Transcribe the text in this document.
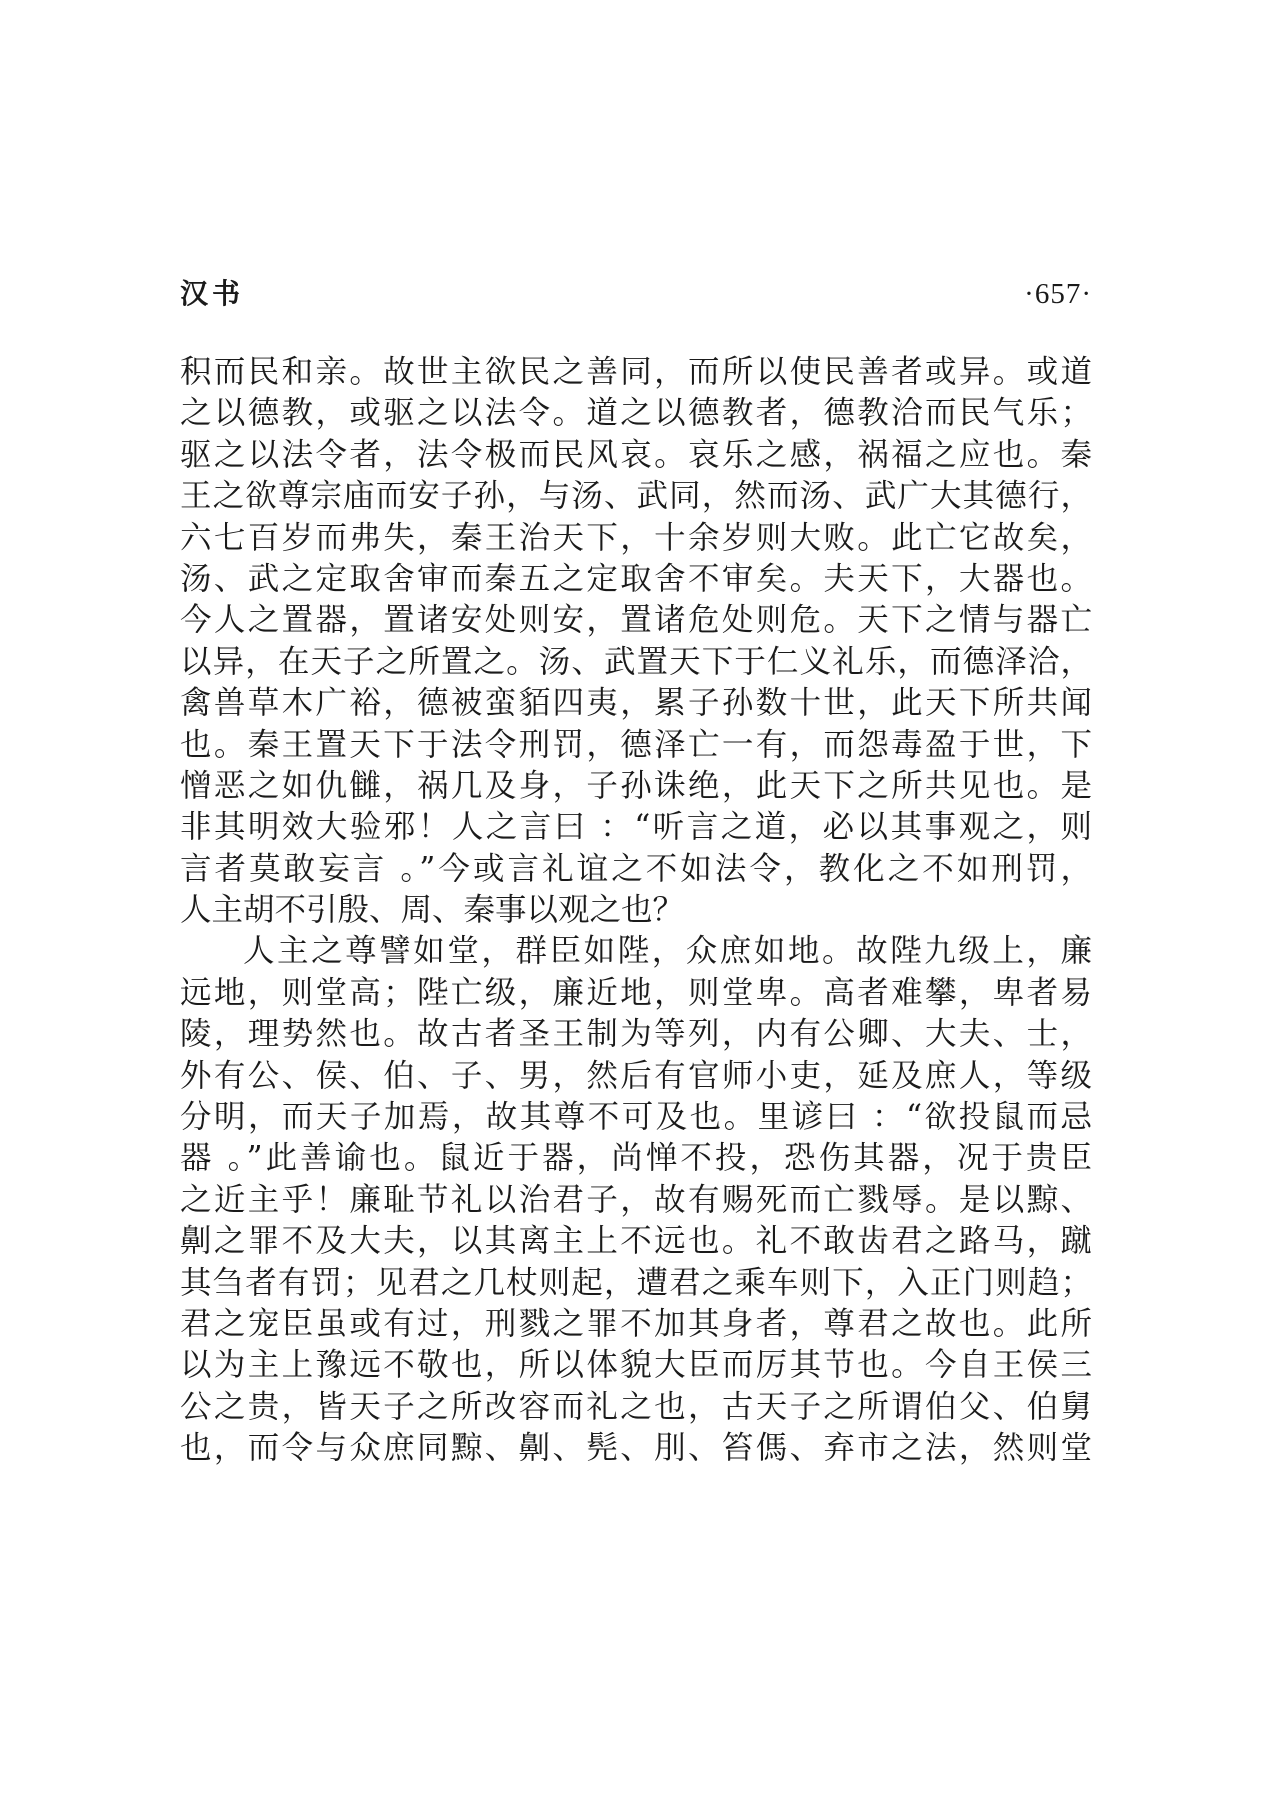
汉书	·657·
积而民和亲。故世主欲民之善同，而所以使民善者或异。或道
之以德教，或驱之以法令。道之以德教者，德教洽而民气乐；
驱之以法令者，法令极而民风哀。哀乐之感，祸福之应也。秦
王之欲尊宗庙而安子孙，与汤、武同，然而汤、武广大其德行，
六七百岁而弗失，秦王治天下，十余岁则大败。此亡它故矣，
汤、武之定取舍审而秦五之定取舍不审矣。夫天下，大器也。
今人之置器，置诸安处则安，置诸危处则危。天下之情与器亡
以异，在天子之所置之。汤、武置天下于仁义礼乐，而德泽洽，
禽兽草木广裕，德被蛮貊四夷，累子孙数十世，此天下所共闻
也。秦王置天下于法令刑罚，德泽亡一有，而怨毒盈于世，下
憎恶之如仇雠，祸几及身，子孙诛绝，此天下之所共见也。是
非其明效大验邪！人之言曰 ：“听言之道，必以其事观之，则
言者莫敢妄言 。”今或言礼谊之不如法令，教化之不如刑罚，
人主胡不引殷、周、秦事以观之也？
人主之尊譬如堂，群臣如陛，众庶如地。故陛九级上，廉
远地，则堂高；陛亡级，廉近地，则堂卑。高者难攀，卑者易
陵，理势然也。故古者圣王制为等列，内有公卿、大夫、士，
外有公、侯、伯、子、男，然后有官师小吏，延及庶人，等级
分明，而天子加焉，故其尊不可及也。里谚曰 ：“欲投鼠而忌
器 。”此善谕也。鼠近于器，尚惮不投，恐伤其器，况于贵臣
之近主乎！廉耻节礼以治君子，故有赐死而亡戮辱。是以黥、
劓之罪不及大夫，以其离主上不远也。礼不敢齿君之路马，蹴
其刍者有罚；见君之几杖则起，遭君之乘车则下，入正门则趋；
君之宠臣虽或有过，刑戮之罪不加其身者，尊君之故也。此所
以为主上豫远不敬也，所以体貌大臣而厉其节也。今自王侯三
公之贵，皆天子之所改容而礼之也，古天子之所谓伯父、伯舅
也，而令与众庶同黥、劓、髡、刖、笞傌、弃市之法，然则堂
